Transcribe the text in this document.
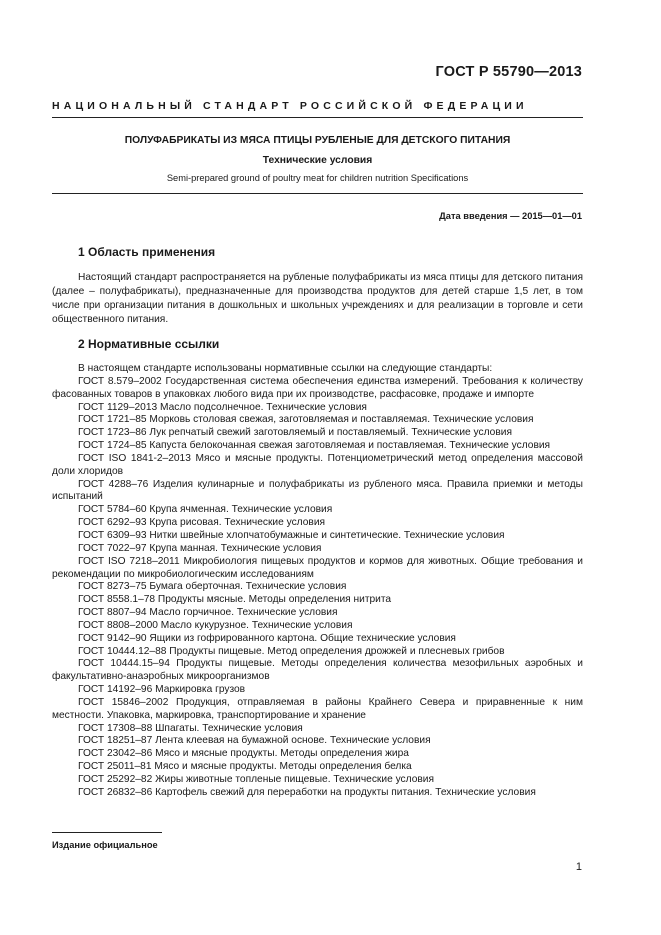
ГОСТ Р 55790—2013
НАЦИОНАЛЬНЫЙ СТАНДАРТ РОССИЙСКОЙ ФЕДЕРАЦИИ
ПОЛУФАБРИКАТЫ ИЗ МЯСА ПТИЦЫ РУБЛЕНЫЕ ДЛЯ ДЕТСКОГО ПИТАНИЯ
Технические условия
Semi-prepared ground of poultry meat for children nutrition Specifications
Дата введения — 2015—01—01
1 Область применения

Настоящий стандарт распространяется на рубленые полуфабрикаты из мяса птицы для детского питания (далее – полуфабрикаты), предназначенные для производства продуктов для детей старше 1,5 лет, в том числе при организации питания в дошкольных и школьных учреждениях и для реализации в торговле и сети общественного питания.

2 Нормативные ссылки

В настоящем стандарте использованы нормативные ссылки на следующие стандарты:

ГОСТ 8.579–2002 Государственная система обеспечения единства измерений. Требования к количеству фасованных товаров в упаковках любого вида при их производстве, расфасовке, продаже и импорте

ГОСТ 1129–2013 Масло подсолнечное. Технические условия

ГОСТ 1721–85 Морковь столовая свежая, заготовляемая и поставляемая. Технические условия

ГОСТ 1723–86 Лук репчатый свежий заготовляемый и поставляемый. Технические условия

ГОСТ 1724–85 Капуста белокочанная свежая заготовляемая и поставляемая. Технические условия

ГОСТ ISO 1841-2–2013 Мясо и мясные продукты. Потенциометрический метод определения массовой доли хлоридов

ГОСТ 4288–76 Изделия кулинарные и полуфабрикаты из рубленого мяса. Правила приемки и методы испытаний

ГОСТ 5784–60 Крупа ячменная. Технические условия

ГОСТ 6292–93 Крупа рисовая. Технические условия

ГОСТ 6309–93 Нитки швейные хлопчатобумажные и синтетические. Технические условия

ГОСТ 7022–97 Крупа манная. Технические условия

ГОСТ ISO 7218–2011 Микробиология пищевых продуктов и кормов для животных. Общие требования и рекомендации по микробиологическим исследованиям

ГОСТ 8273–75 Бумага оберточная. Технические условия

ГОСТ 8558.1–78 Продукты мясные. Методы определения нитрита

ГОСТ 8807–94 Масло горчичное. Технические условия

ГОСТ 8808–2000 Масло кукурузное. Технические условия

ГОСТ 9142–90 Ящики из гофрированного картона. Общие технические условия

ГОСТ 10444.12–88 Продукты пищевые. Метод определения дрожжей и плесневых грибов

ГОСТ 10444.15–94 Продукты пищевые. Методы определения количества мезофильных аэробных и факультативно-анаэробных микроорганизмов

ГОСТ 14192–96 Маркировка грузов

ГОСТ 15846–2002 Продукция, отправляемая в районы Крайнего Севера и приравненные к ним местности. Упаковка, маркировка, транспортирование и хранение

ГОСТ 17308–88 Шпагаты. Технические условия

ГОСТ 18251–87 Лента клеевая на бумажной основе. Технические условия

ГОСТ 23042–86 Мясо и мясные продукты. Методы определения жира

ГОСТ 25011–81 Мясо и мясные продукты. Методы определения белка

ГОСТ 25292–82 Жиры животные топленые пищевые. Технические условия

ГОСТ 26832–86 Картофель свежий для переработки на продукты питания. Технические условия

Издание официальное
1
